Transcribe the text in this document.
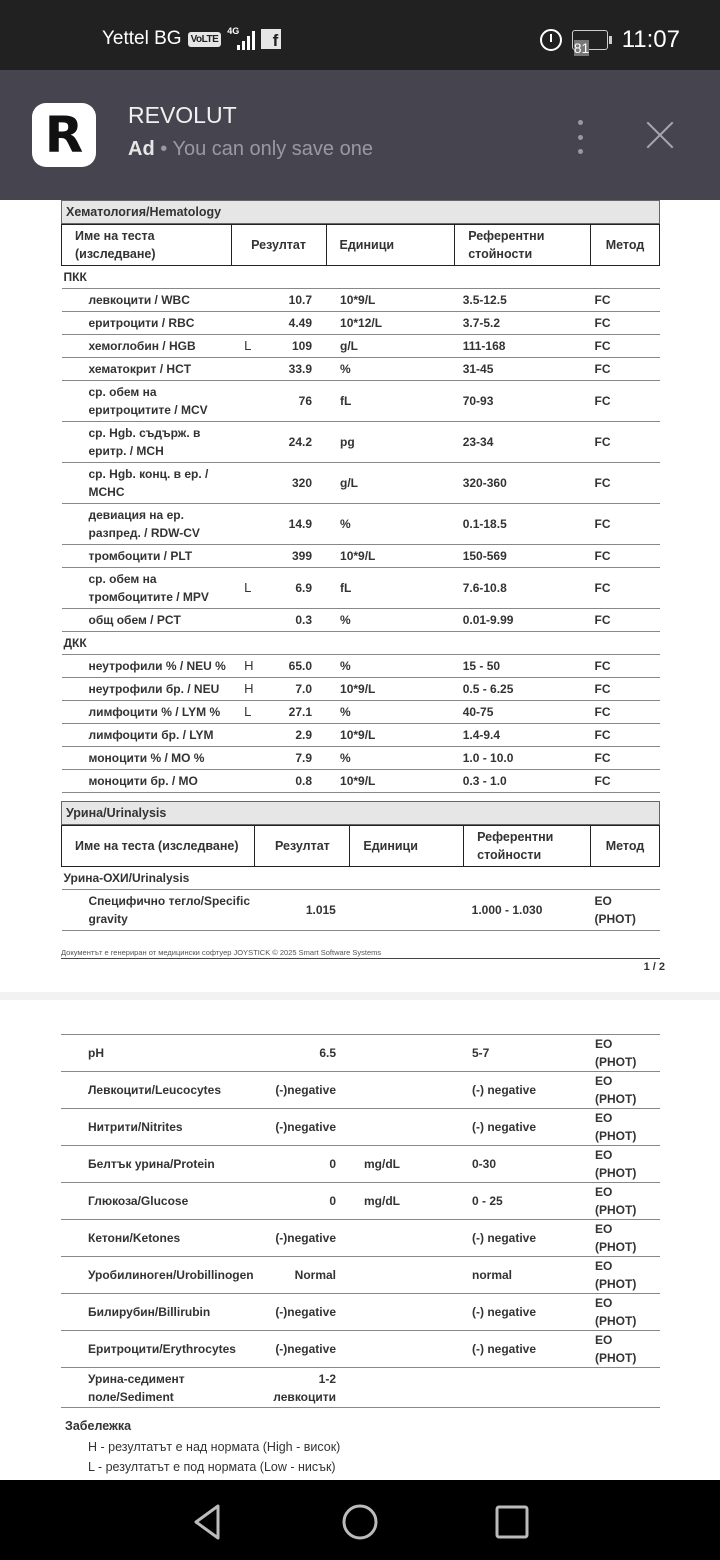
Yettel BG VoLTE
4G	f	81	11:07
R REVOLUT
Ad • You can only save one
Хематология/Hematology
Име на теста (изследване)	Резултат	Единици	Референтни стойности	Метод
ПКК				
левкоцити / WBC	10.7	10*9/L	3.5-12.5	FC
еритроцити / RBC	4.49	10*12/L	3.7-5.2	FC
хемоглобин / HGB	L 109	g/L	111-168	FC
хематокрит / HCT	33.9	%	31-45	FC
ср. обем на еритроцитите / MCV	76	fL	70-93	FC
ср. Hgb. съдърж. в еритр. / MCH	24.2	pg	23-34	FC
ср. Hgb. конц. в ер. / MCHC	320	g/L	320-360	FC
девиация на ер. разпред. / RDW-CV	14.9	%	0.1-18.5	FC
тромбоцити / PLT	399	10*9/L	150-569	FC
ср. обем на тромбоцитите / MPV	L 6.9	fL	7.6-10.8	FC
общ обем / PCT	0.3	%	0.01-9.99	FC
ДКК				
неутрофили % / NEU %	H 65.0	%	15 - 50	FC
неутрофили бр. / NEU	H 7.0	10*9/L	0.5 - 6.25	FC
лимфоцити % / LYM %	L 27.1	%	40-75	FC
лимфоцити бр. / LYM	2.9	10*9/L	1.4-9.4	FC
моноцити % / MO %	7.9	%	1.0 - 10.0	FC
моноцити бр. / MO	0.8	10*9/L	0.3 - 1.0	FC
Урина/Urinalysis
Име на теста (изследване)	Резултат	Единици	Референтни стойности	Метод
Урина-ОХИ/Urinalysis				
Специфично тегло/Specific gravity	1.015		1.000 - 1.030	EO (PHOT)
Документът е генериран от медицински софтуер JOYSTICK © 2025 Smart Software Systems
1 / 2
pH	6.5		5-7	EO (PHOT)
Левкоцити/Leucocytes	(-)negative		(-) negative	EO (PHOT)
Нитрити/Nitrites	(-)negative		(-) negative	EO (PHOT)
Белтък урина/Protein	0	mg/dL	0-30	EO (PHOT)
Глюкоза/Glucose	0	mg/dL	0 - 25	EO (PHOT)
Кетони/Ketones	(-)negative		(-) negative	EO (PHOT)
Уробилиноген/Urobillinogen	Normal		normal	EO (PHOT)
Билирубин/Billirubin	(-)negative		(-) negative	EO (PHOT)
Еритроцити/Erythrocytes	(-)negative		(-) negative	EO (PHOT)
Урина-седимент поле/Sediment	1-2 левкоцити			
Забележка
H - резултатът е над нормата (High - висок)
L - резултатът е под нормата (Low - нисък)
